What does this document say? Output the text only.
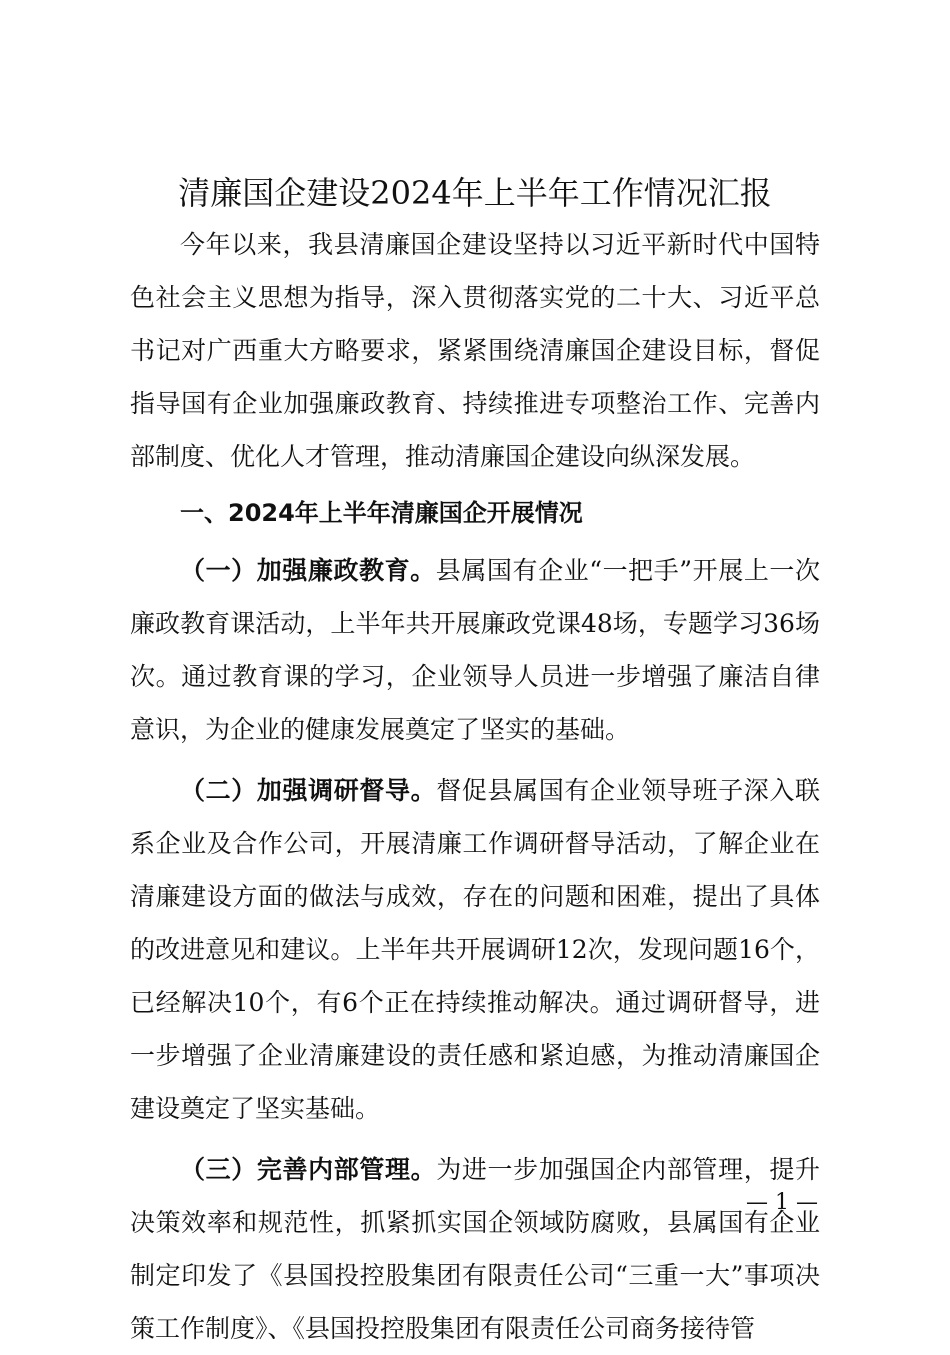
清廉国企建设2024年上半年工作情况汇报

今年以来，我县清廉国企建设坚持以习近平新时代中国特色社会主义思想为指导，深入贯彻落实党的二十大、习近平总书记对广西重大方略要求，紧紧围绕清廉国企建设目标，督促指导国有企业加强廉政教育、持续推进专项整治工作、完善内部制度、优化人才管理，推动清廉国企建设向纵深发展。

一、2024年上半年清廉国企开展情况

（一）加强廉政教育。县属国有企业“一把手”开展上一次廉政教育课活动，上半年共开展廉政党课48场，专题学习36场次。通过教育课的学习，企业领导人员进一步增强了廉洁自律意识，为企业的健康发展奠定了坚实的基础。

（二）加强调研督导。督促县属国有企业领导班子深入联系企业及合作公司，开展清廉工作调研督导活动，了解企业在清廉建设方面的做法与成效，存在的问题和困难，提出了具体的改进意见和建议。上半年共开展调研12次，发现问题16个，已经解决10个，有6个正在持续推动解决。通过调研督导，进一步增强了企业清廉建设的责任感和紧迫感，为推动清廉国企建设奠定了坚实基础。

（三）完善内部管理。为进一步加强国企内部管理，提升决策效率和规范性，抓紧抓实国企领域防腐败，县属国有企业制定印发了《县国投控股集团有限责任公司“三重一大”事项决策工作制度》、《县国投控股集团有限责任公司商务接待管

— 1 —
